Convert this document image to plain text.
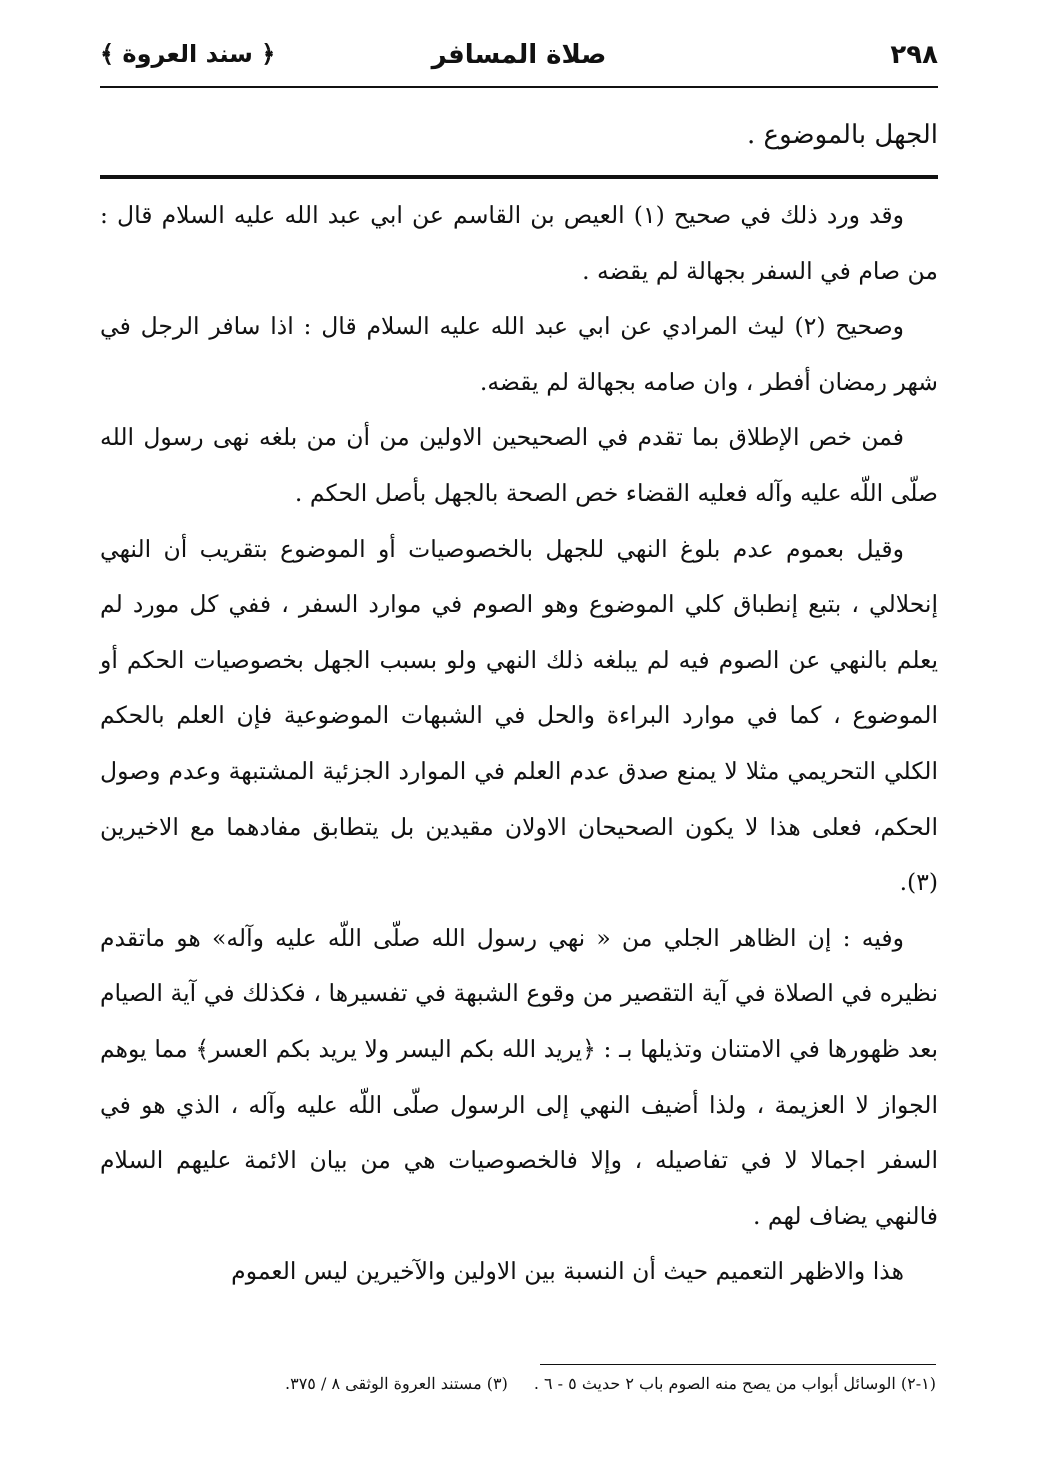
٢٩٨
صلاة المسافر
﴿ سند العروة ﴾
الجهل بالموضوع .

وقد ورد ذلك في صحيح (١) العيص بن القاسم عن ابي عبد الله عليه السلام قال : من صام في السفر بجهالة لم يقضه .

وصحيح (٢) ليث المرادي عن ابي عبد الله عليه السلام قال : اذا سافر الرجل في شهر رمضان أفطر ، وان صامه بجهالة لم يقضه.

فمن خص الإطلاق بما تقدم في الصحيحين الاولين من أن من بلغه نهى رسول الله صلّى اللّه عليه وآله فعليه القضاء خص الصحة بالجهل بأصل الحكم .

وقيل بعموم عدم بلوغ النهي للجهل بالخصوصيات أو الموضوع بتقريب أن النهي إنحلالي ، بتبع إنطباق كلي الموضوع وهو الصوم في موارد السفر ، ففي كل مورد لم يعلم بالنهي عن الصوم فيه لم يبلغه ذلك النهي ولو بسبب الجهل بخصوصيات الحكم أو الموضوع ، كما في موارد البراءة والحل في الشبهات الموضوعية فإن العلم بالحكم الكلي التحريمي مثلا لا يمنع صدق عدم العلم في الموارد الجزئية المشتبهة وعدم وصول الحكم، فعلى هذا لا يكون الصحيحان الاولان مقيدين بل يتطابق مفادهما مع الاخيرين (٣).

وفيه : إن الظاهر الجلي من « نهي رسول الله صلّى اللّه عليه وآله» هو ماتقدم نظيره في الصلاة في آية التقصير من وقوع الشبهة في تفسيرها ، فكذلك في آية الصيام بعد ظهورها في الامتنان وتذيلها بـ : ﴿يريد الله بكم اليسر ولا يريد بكم العسر﴾ مما يوهم الجواز لا العزيمة ، ولذا أضيف النهي إلى الرسول صلّى اللّه عليه وآله ، الذي هو في السفر اجمالا لا في تفاصيله ، وإلا فالخصوصيات هي من بيان الائمة عليهم السلام فالنهي يضاف لهم .

هذا والاظهر التعميم حيث أن النسبة بين الاولين والآخيرين ليس العموم

(١-٢) الوسائل أبواب من يصح منه الصوم باب ٢ حديث ٥ - ٦ .(٣) مستند العروة الوثقى ٨ / ٣٧٥.
